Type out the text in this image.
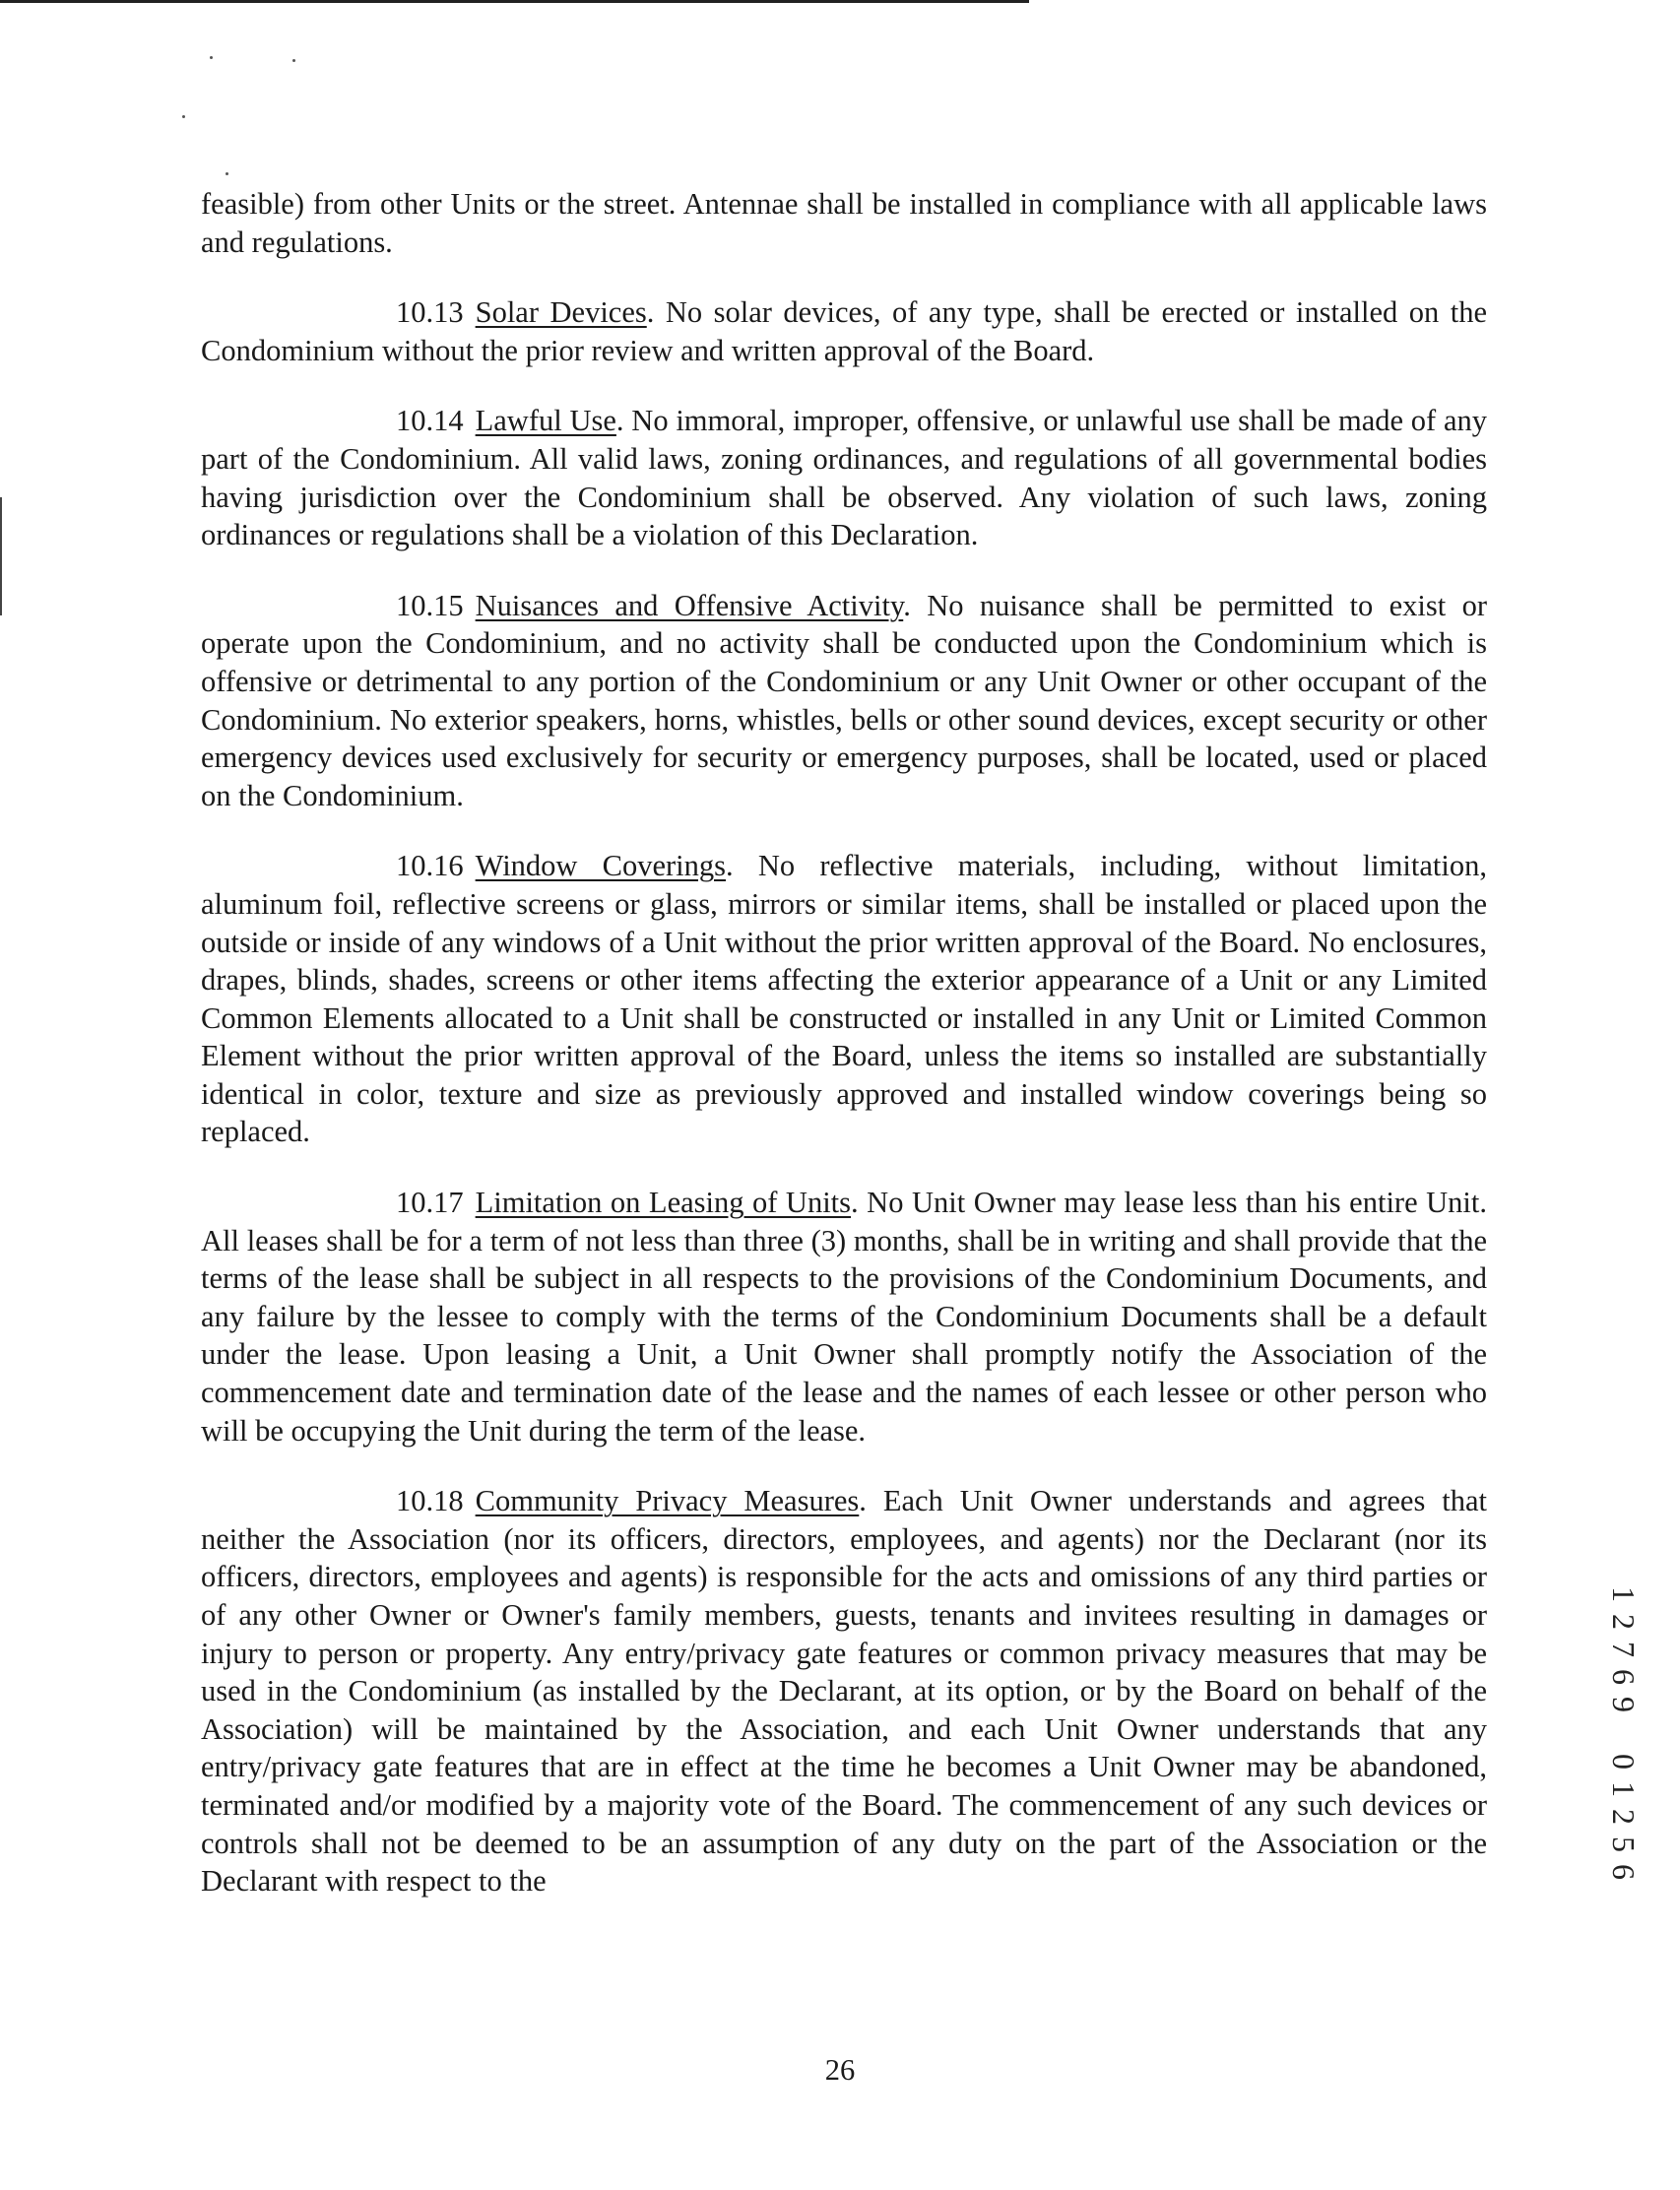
feasible) from other Units or the street. Antennae shall be installed in compliance with all applicable laws and regulations.

10.13 Solar Devices. No solar devices, of any type, shall be erected or installed on the Condominium without the prior review and written approval of the Board.

10.14 Lawful Use. No immoral, improper, offensive, or unlawful use shall be made of any part of the Condominium. All valid laws, zoning ordinances, and regulations of all governmental bodies having jurisdiction over the Condominium shall be observed. Any violation of such laws, zoning ordinances or regulations shall be a violation of this Declaration.

10.15 Nuisances and Offensive Activity. No nuisance shall be permitted to exist or operate upon the Condominium, and no activity shall be conducted upon the Condominium which is offensive or detrimental to any portion of the Condominium or any Unit Owner or other occupant of the Condominium. No exterior speakers, horns, whistles, bells or other sound devices, except security or other emergency devices used exclusively for security or emergency purposes, shall be located, used or placed on the Condominium.

10.16 Window Coverings. No reflective materials, including, without limitation, aluminum foil, reflective screens or glass, mirrors or similar items, shall be installed or placed upon the outside or inside of any windows of a Unit without the prior written approval of the Board. No enclosures, drapes, blinds, shades, screens or other items affecting the exterior appearance of a Unit or any Limited Common Elements allocated to a Unit shall be constructed or installed in any Unit or Limited Common Element without the prior written approval of the Board, unless the items so installed are substantially identical in color, texture and size as previously approved and installed window coverings being so replaced.

10.17 Limitation on Leasing of Units. No Unit Owner may lease less than his entire Unit. All leases shall be for a term of not less than three (3) months, shall be in writing and shall provide that the terms of the lease shall be subject in all respects to the provisions of the Condominium Documents, and any failure by the lessee to comply with the terms of the Condominium Documents shall be a default under the lease. Upon leasing a Unit, a Unit Owner shall promptly notify the Association of the commencement date and termination date of the lease and the names of each lessee or other person who will be occupying the Unit during the term of the lease.

10.18 Community Privacy Measures. Each Unit Owner understands and agrees that neither the Association (nor its officers, directors, employees, and agents) nor the Declarant (nor its officers, directors, employees and agents) is responsible for the acts and omissions of any third parties or of any other Owner or Owner's family members, guests, tenants and invitees resulting in damages or injury to person or property. Any entry/privacy gate features or common privacy measures that may be used in the Condominium (as installed by the Declarant, at its option, or by the Board on behalf of the Association) will be maintained by the Association, and each Unit Owner understands that any entry/privacy gate features that are in effect at the time he becomes a Unit Owner may be abandoned, terminated and/or modified by a majority vote of the Board. The commencement of any such devices or controls shall not be deemed to be an assumption of any duty on the part of the Association or the Declarant with respect to the

1
2
7
6
9
0
1
2
5
6
26
